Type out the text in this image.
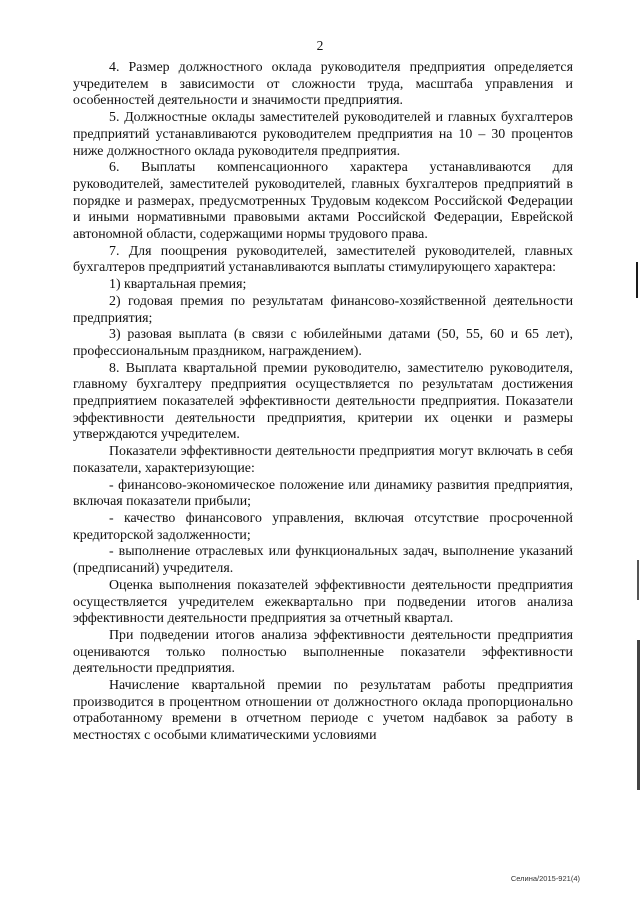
2

4. Размер должностного оклада руководителя предприятия определяется учредителем в зависимости от сложности труда, масштаба управления и особенностей деятельности и значимости предприятия.

5. Должностные оклады заместителей руководителей и главных бухгалтеров предприятий устанавливаются руководителем предприятия на 10 – 30 процентов ниже должностного оклада руководителя предприятия.

6. Выплаты компенсационного характера устанавливаются для руководителей, заместителей руководителей, главных бухгалтеров предприятий в порядке и размерах, предусмотренных Трудовым кодексом Российской Федерации и иными нормативными правовыми актами Российской Федерации, Еврейской автономной области, содержащими нормы трудового права.

7. Для поощрения руководителей, заместителей руководителей, главных бухгалтеров предприятий устанавливаются выплаты стимулирующего характера:

1) квартальная премия;

2) годовая премия по результатам финансово-хозяйственной деятельности предприятия;

3) разовая выплата (в связи с юбилейными датами (50, 55, 60 и 65 лет), профессиональным праздником, награждением).

8. Выплата квартальной премии руководителю, заместителю руководителя, главному бухгалтеру предприятия осуществляется по результатам достижения предприятием показателей эффективности деятельности предприятия. Показатели эффективности деятельности предприятия, критерии их оценки и размеры утверждаются учредителем.

Показатели эффективности деятельности предприятия могут включать в себя показатели, характеризующие:

- финансово-экономическое положение или динамику развития предприятия, включая показатели прибыли;

- качество финансового управления, включая отсутствие просроченной кредиторской задолженности;

- выполнение отраслевых или функциональных задач, выполнение указаний (предписаний) учредителя.

Оценка выполнения показателей эффективности деятельности предприятия осуществляется учредителем ежеквартально при подведении итогов анализа эффективности деятельности предприятия за отчетный квартал.

При подведении итогов анализа эффективности деятельности предприятия оцениваются только полностью выполненные показатели эффективности деятельности предприятия.

Начисление квартальной премии по результатам работы предприятия производится в процентном отношении от должностного оклада пропорционально отработанному времени в отчетном периоде с учетом надбавок за работу в местностях с особыми климатическими условиями

Селина/2015-921(4)
